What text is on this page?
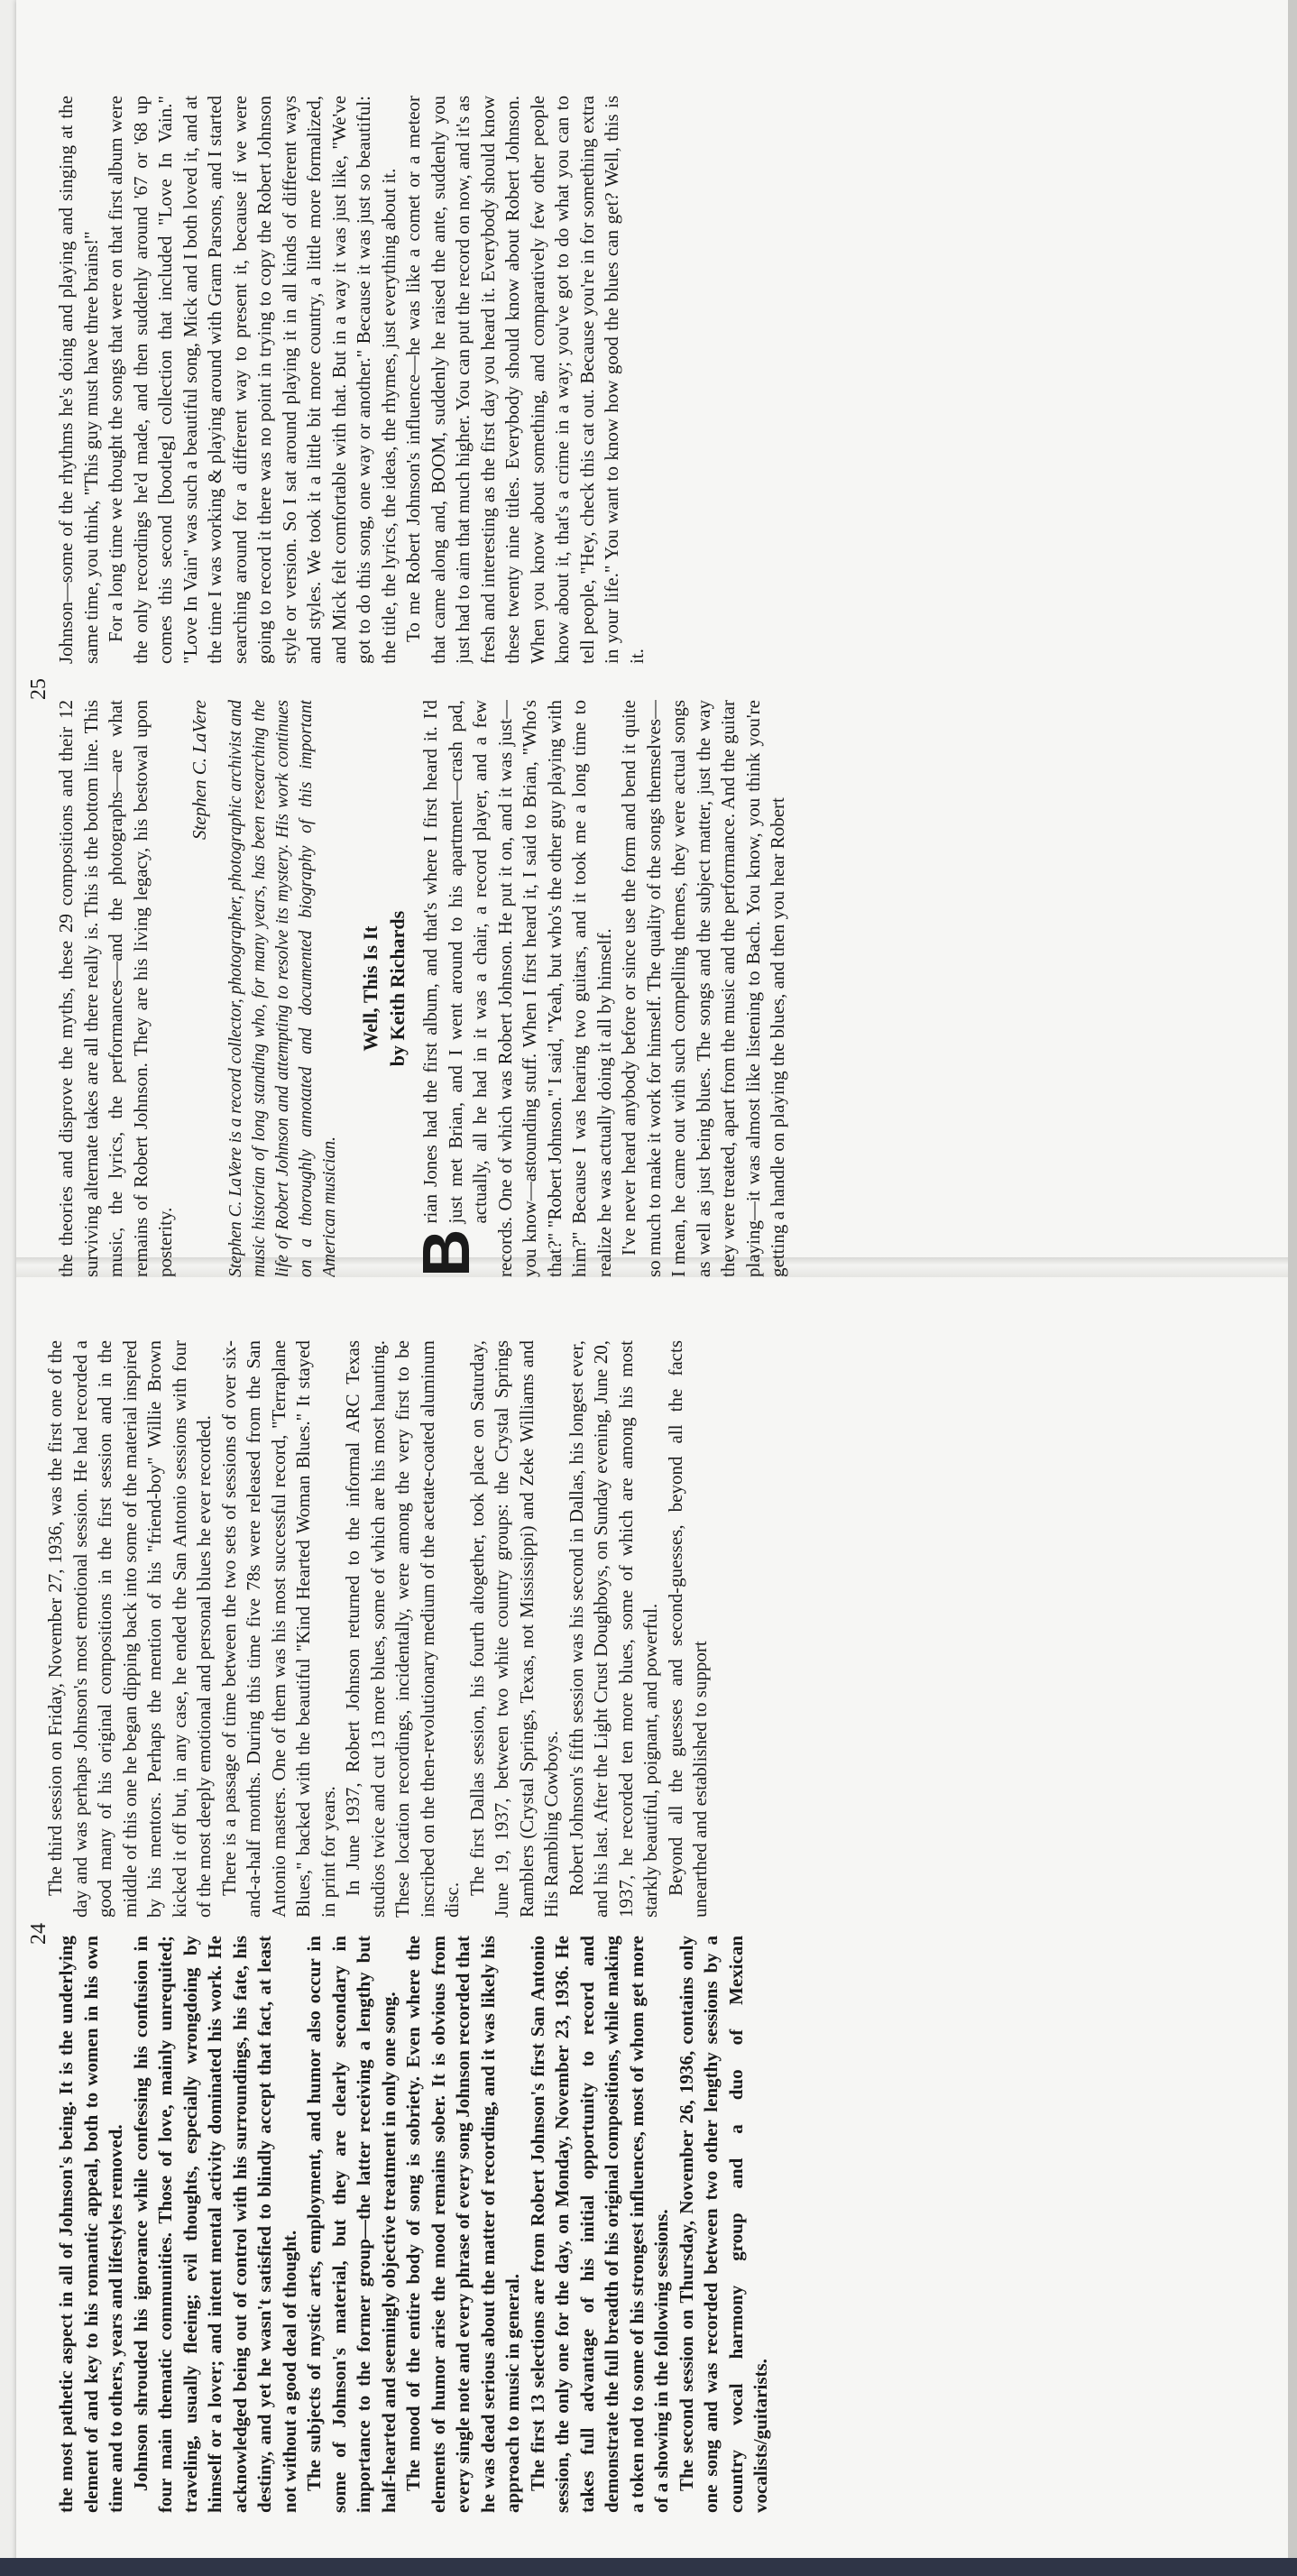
the most pathetic aspect in all of Johnson's being. It is the underlying element of and key to his romantic appeal, both to women in his own time and to others, years and lifestyles removed. Johnson shrouded his ignorance while confessing his confusion in four main thematic communities. Those of love, mainly unrequited; traveling, usually fleeing; evil thoughts, especially wrongdoing by himself or a lover; and intent mental activity dominated his work. He acknowledged being out of control with his surroundings, his fate, his destiny, and yet he wasn't satisfied to blindly accept that fact, at least not without a good deal of thought. The subjects of mystic arts, employment, and humor also occur in some of Johnson's material, but they are clearly secondary in importance to the former group—the latter receiving a lengthy but half-hearted and seemingly objective treatment in only one song. The mood of the entire body of song is sobriety. Even where the elements of humor arise the mood remains sober. It is obvious from every single note and every phrase of every song Johnson recorded that he was dead serious about the matter of recording, and it was likely his approach to music in general. The first 13 selections are from Robert Johnson's first San Antonio session, the only one for the day, on Monday, November 23, 1936. He takes full advantage of his initial opportunity to record and demonstrate the full breadth of his original compositions, while making a token nod to some of his strongest influences, most of whom get more of a showing in the following sessions. The second session on Thursday, November 26, 1936, contains only one song and was recorded between two other lengthy sessions by a country vocal harmony group and a duo of Mexican vocalists/guitarists.

The third session on Friday, November 27, 1936, was the first one of the day and was perhaps Johnson's most emotional session. He had recorded a good many of his original compositions in the first session and in the middle of this one he began dipping back into some of the material inspired by his mentors. Perhaps the mention of his "friend-boy" Willie Brown kicked it off but, in any case, he ended the San Antonio sessions with four of the most deeply emotional and personal blues he ever recorded. There is a passage of time between the two sets of sessions of over six-and-a-half months. During this time five 78s were released from the San Antonio masters. One of them was his most successful record, "Terraplane Blues," backed with the beautiful "Kind Hearted Woman Blues." It stayed in print for years. In June 1937, Robert Johnson returned to the informal ARC Texas studios twice and cut 13 more blues, some of which are his most haunting. These location recordings, incidentally, were among the very first to be inscribed on the then-revolutionary medium of the acetate-coated aluminum disc.

The first Dallas session, his fourth altogether, took place on Saturday, June 19, 1937, between two white country groups: the Crystal Springs Ramblers (Crystal Springs, Texas, not Mississippi) and Zeke Williams and His Rambling Cowboys. Robert Johnson's fifth session was his second in Dallas, his longest ever, and his last. After the Light Crust Doughboys, on Sunday evening, June 20, 1937, he recorded ten more blues, some of which are among his most starkly beautiful, poignant, and powerful. Beyond all the guesses and second-guesses, beyond all the facts unearthed and established to support

24

the theories and disprove the myths, these 29 compositions and their 12 surviving alternate takes are all there really is. This is the bottom line. This music, the lyrics, the performances—and the photographs—are what remains of Robert Johnson. They are his living legacy, his bestowal upon posterity.

Stephen C. LaVere Stephen C. LaVere is a record collector, photographer, photographic archivist and music historian of long standing who, for many years, has been researching the life of Robert Johnson and attempting to resolve its mystery. His work continues on a thoroughly annotated and documented biography of this important American musician.
Well, This Is It by Keith Richards

B
rian Jones had the first album, and that's where I first heard it. I'd just met Brian, and I went around to his apartment—crash pad, actually, all he had in it was a chair, a record player, and a few records. One of which was Robert Johnson. He put it on, and it was just—you know—astounding stuff. When I first heard it, I said to Brian, "Who's that?" "Robert Johnson." I said, "Yeah, but who's the other guy playing with him?" Because I was hearing two guitars, and it took me a long time to realize he was actually doing it all by himself. I've never heard anybody before or since use the form and bend it quite so much to make it work for himself. The quality of the songs themselves—I mean, he came out with such compelling themes, they were actual songs as well as just being blues. The songs and the subject matter, just the way they were treated, apart from the music and the performance. And the guitar playing—it was almost like listening to Bach. You know, you think you're getting a handle on playing the blues, and then you hear Robert

Johnson—some of the rhythms he's doing and playing and singing at the same time, you think, "This guy must have three brains!" For a long time we thought the songs that were on that first album were the only recordings he'd made, and then suddenly around '67 or '68 up comes this second [bootleg] collection that included "Love In Vain." "Love In Vain" was such a beautiful song, Mick and I both loved it, and at the time I was working & playing around with Gram Parsons, and I started searching around for a different way to present it, because if we were going to record it there was no point in trying to copy the Robert Johnson style or version. So I sat around playing it in all kinds of different ways and styles. We took it a little bit more country, a little more formalized, and Mick felt comfortable with that. But in a way it was just like, "We've got to do this song, one way or another." Because it was just so beautiful: the title, the lyrics, the ideas, the rhymes, just everything about it. To me Robert Johnson's influence—he was like a comet or a meteor that came along and, BOOM, suddenly he raised the ante, suddenly you just had to aim that much higher. You can put the record on now, and it's as fresh and interesting as the first day you heard it. Everybody should know these twenty nine titles. Everybody should know about Robert Johnson. When you know about something, and comparatively few other people know about it, that's a crime in a way; you've got to do what you can to tell people, "Hey, check this cat out. Because you're in for something extra in your life." You want to know how good the blues can get? Well, this is it.

25
